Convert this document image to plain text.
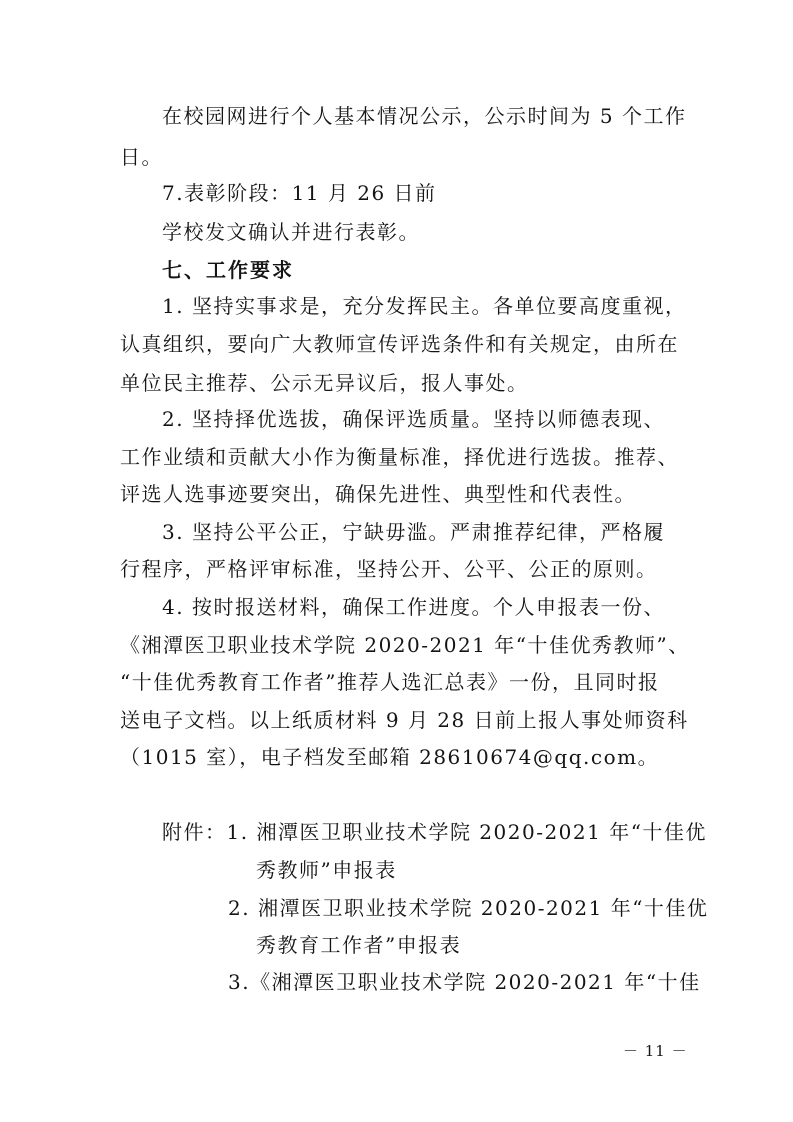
在校园网进行个人基本情况公示，公示时间为 5 个工作
日。
7.表彰阶段：11 月 26 日前
学校发文确认并进行表彰。
七、工作要求
1. 坚持实事求是，充分发挥民主。各单位要高度重视，
认真组织，要向广大教师宣传评选条件和有关规定，由所在
单位民主推荐、公示无异议后，报人事处。
2. 坚持择优选拔，确保评选质量。坚持以师德表现、
工作业绩和贡献大小作为衡量标准，择优进行选拔。推荐、
评选人选事迹要突出，确保先进性、典型性和代表性。
3. 坚持公平公正，宁缺毋滥。严肃推荐纪律，严格履
行程序，严格评审标准，坚持公开、公平、公正的原则。
4. 按时报送材料，确保工作进度。个人申报表一份、
《湘潭医卫职业技术学院 2020-2021 年“十佳优秀教师”、
“十佳优秀教育工作者”推荐人选汇总表》一份，且同时报
送电子文档。以上纸质材料 9 月 28 日前上报人事处师资科
（1015 室），电子档发至邮箱 28610674@qq.com。
附件：1. 湘潭医卫职业技术学院 2020-2021 年“十佳优
秀教师”申报表
2. 湘潭医卫职业技术学院 2020-2021 年“十佳优
秀教育工作者”申报表
3.《湘潭医卫职业技术学院 2020-2021 年“十佳
－ 11 －
